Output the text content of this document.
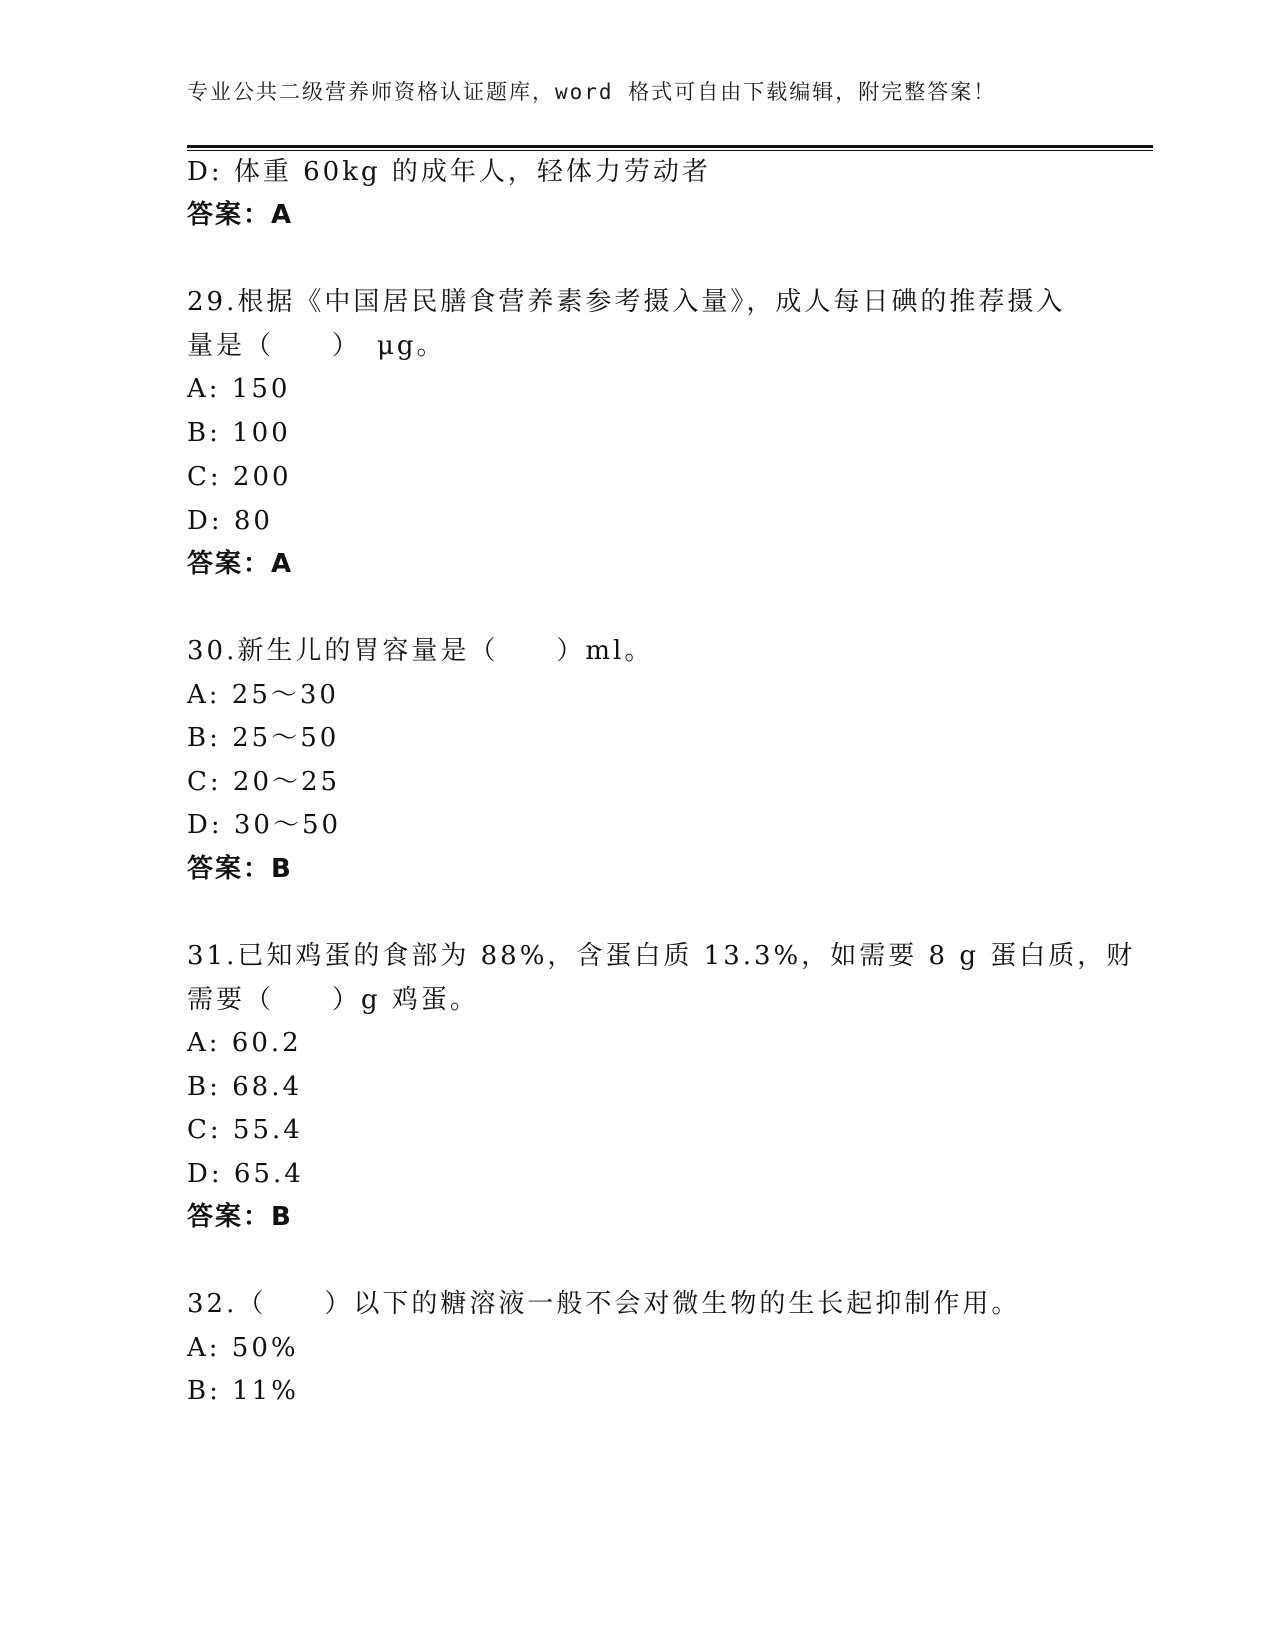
专业公共二级营养师资格认证题库，word 格式可自由下载编辑，附完整答案！
D: 体重 60kg 的成年人，轻体力劳动者
答案：A
29.根据《中国居民膳食营养素参考摄入量》，成人每日碘的推荐摄入
量是（　　）　μg。
A: 150
B: 100
C: 200
D: 80
答案：A
30.新生儿的胃容量是（　　）ml。
A: 25～30
B: 25～50
C: 20～25
D: 30～50
答案：B
31.已知鸡蛋的食部为 88%，含蛋白质 13.3%，如需要 8 g 蛋白质，财
需要（　　）g 鸡蛋。
A: 60.2
B: 68.4
C: 55.4
D: 65.4
答案：B
32.（　　）以下的糖溶液一般不会对微生物的生长起抑制作用。
A: 50%
B: 11%
